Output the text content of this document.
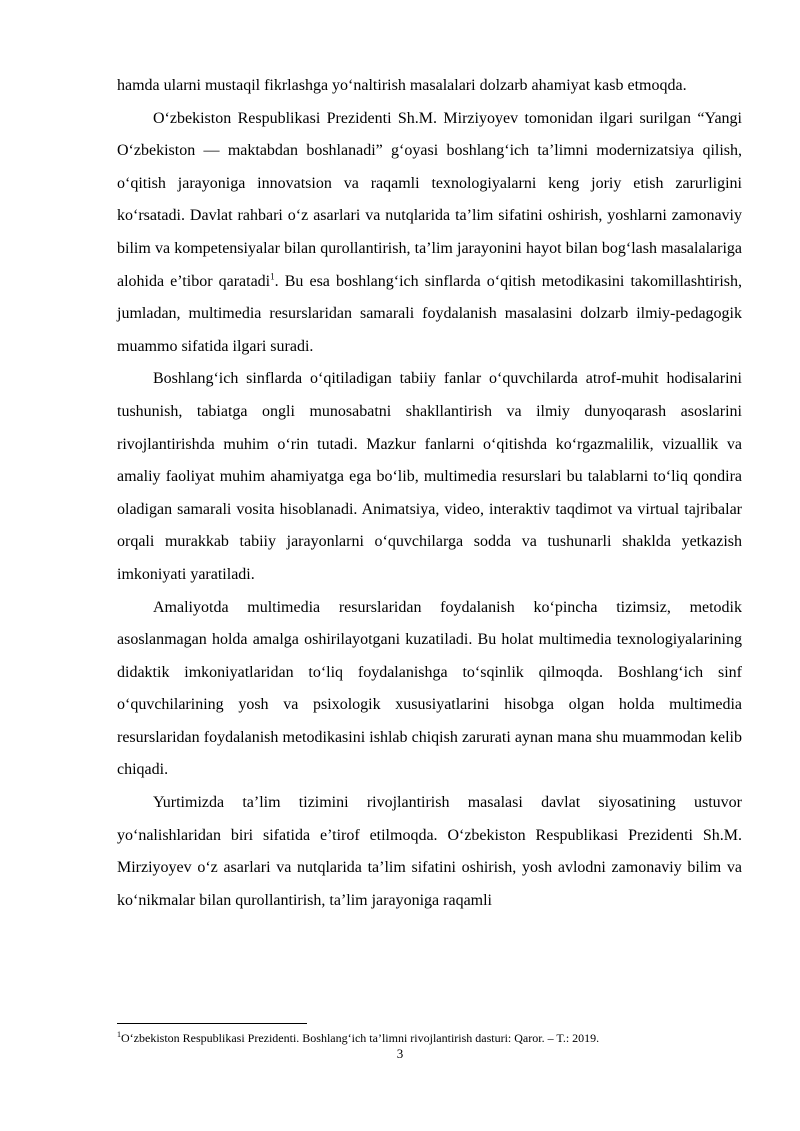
hamda ularni mustaqil fikrlashga yo‘naltirish masalalari dolzarb ahamiyat kasb etmoqda.

O‘zbekiston Respublikasi Prezidenti Sh.M. Mirziyoyev tomonidan ilgari surilgan “Yangi O‘zbekiston — maktabdan boshlanadi” g‘oyasi boshlang‘ich ta’limni modernizatsiya qilish, o‘qitish jarayoniga innovatsion va raqamli texnologiyalarni keng joriy etish zarurligini ko‘rsatadi. Davlat rahbari o‘z asarlari va nutqlarida ta’lim sifatini oshirish, yoshlarni zamonaviy bilim va kompetensiyalar bilan qurollantirish, ta’lim jarayonini hayot bilan bog‘lash masalalariga alohida e’tibor qaratadi$^1$. Bu esa boshlang‘ich sinflarda o‘qitish metodikasini takomillashtirish, jumladan, multimedia resurslaridan samarali foydalanish masalasini dolzarb ilmiy-pedagogik muammo sifatida ilgari suradi.

Boshlang‘ich sinflarda o‘qitiladigan tabiiy fanlar o‘quvchilarda atrof-muhit hodisalarini tushunish, tabiatga ongli munosabatni shakllantirish va ilmiy dunyoqarash asoslarini rivojlantirishda muhim o‘rin tutadi. Mazkur fanlarni o‘qitishda ko‘rgazmalilik, vizuallik va amaliy faoliyat muhim ahamiyatga ega bo‘lib, multimedia resurslari bu talablarni to‘liq qondira oladigan samarali vosita hisoblanadi. Animatsiya, video, interaktiv taqdimot va virtual tajribalar orqali murakkab tabiiy jarayonlarni o‘quvchilarga sodda va tushunarli shaklda yetkazish imkoniyati yaratiladi.

Amaliyotda multimedia resurslaridan foydalanish ko‘pincha tizimsiz, metodik asoslanmagan holda amalga oshirilayotgani kuzatiladi. Bu holat multimedia texnologiyalarining didaktik imkoniyatlaridan to‘liq foydalanishga to‘sqinlik qilmoqda. Boshlang‘ich sinf o‘quvchilarining yosh va psixologik xususiyatlarini hisobga olgan holda multimedia resurslaridan foydalanish metodikasini ishlab chiqish zarurati aynan mana shu muammodan kelib chiqadi.

Yurtimizda ta’lim tizimini rivojlantirish masalasi davlat siyosatining ustuvor yo‘nalishlaridan biri sifatida e’tirof etilmoqda. O‘zbekiston Respublikasi Prezidenti Sh.M. Mirziyoyev o‘z asarlari va nutqlarida ta’lim sifatini oshirish, yosh avlodni zamonaviy bilim va ko‘nikmalar bilan qurollantirish, ta’lim jarayoniga raqamli

$^1$O‘zbekiston Respublikasi Prezidenti. Boshlang‘ich ta’limni rivojlantirish dasturi: Qaror. – T.: 2019.

3
